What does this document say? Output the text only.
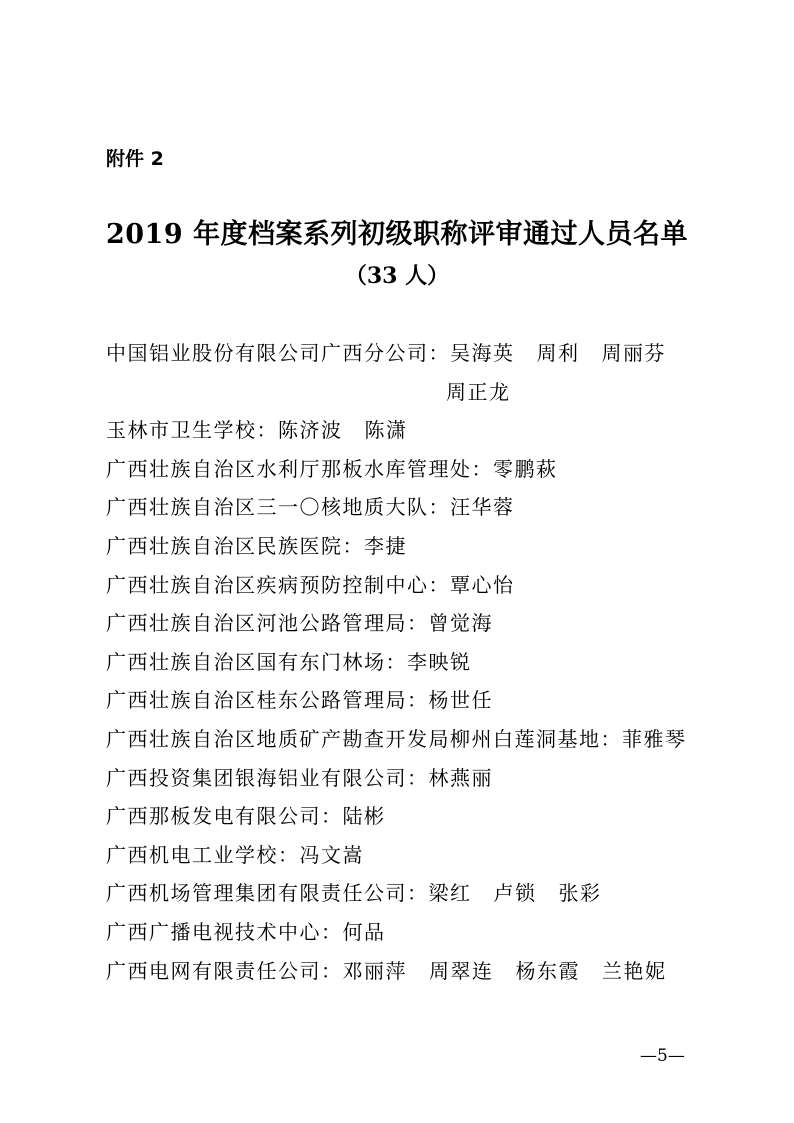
附件 2
2019 年度档案系列初级职称评审通过人员名单
（33 人）
中国铝业股份有限公司广西分公司：吴海英 周利 周丽芬
周正龙
玉林市卫生学校：陈济波 陈潇
广西壮族自治区水利厅那板水库管理处：零鹏萩
广西壮族自治区三一〇核地质大队：汪华蓉
广西壮族自治区民族医院：李捷
广西壮族自治区疾病预防控制中心：覃心怡
广西壮族自治区河池公路管理局：曾觉海
广西壮族自治区国有东门林场：李映锐
广西壮族自治区桂东公路管理局：杨世任
广西壮族自治区地质矿产勘查开发局柳州白莲洞基地：菲雅琴
广西投资集团银海铝业有限公司：林燕丽
广西那板发电有限公司：陆彬
广西机电工业学校：冯文嵩
广西机场管理集团有限责任公司：梁红 卢锁 张彩
广西广播电视技术中心：何品
广西电网有限责任公司：邓丽萍 周翠连 杨东霞 兰艳妮
—5—
